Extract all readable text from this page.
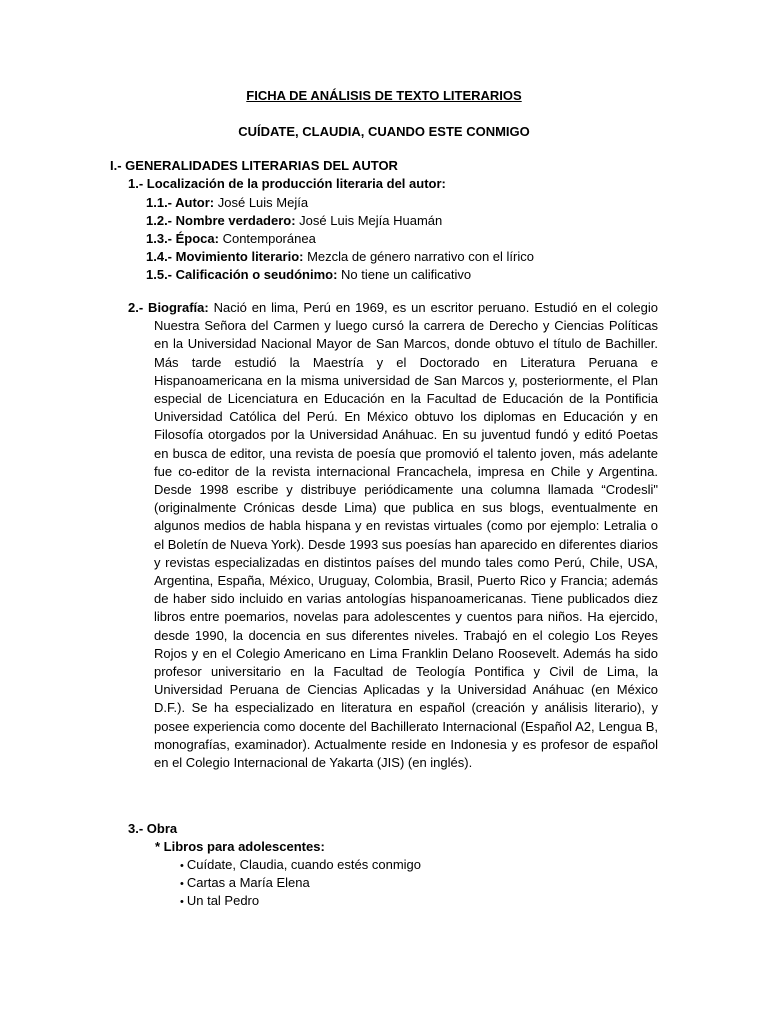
FICHA DE ANÁLISIS DE TEXTO LITERARIOS
CUÍDATE, CLAUDIA, CUANDO ESTE CONMIGO
I.- GENERALIDADES LITERARIAS DEL AUTOR
1.- Localización de la producción literaria del autor:
1.1.- Autor: José Luis Mejía
1.2.- Nombre verdadero: José Luis Mejía Huamán
1.3.- Época: Contemporánea
1.4.- Movimiento literario: Mezcla de género narrativo con el lírico
1.5.- Calificación o seudónimo: No tiene un calificativo
2.- Biografía: Nació en lima, Perú en 1969, es un escritor peruano. Estudió en el colegio Nuestra Señora del Carmen y luego cursó la carrera de Derecho y Ciencias Políticas en la Universidad Nacional Mayor de San Marcos, donde obtuvo el título de Bachiller. Más tarde estudió la Maestría y el Doctorado en Literatura Peruana e Hispanoamericana en la misma universidad de San Marcos y, posteriormente, el Plan especial de Licenciatura en Educación en la Facultad de Educación de la Pontificia Universidad Católica del Perú. En México obtuvo los diplomas en Educación y en Filosofía otorgados por la Universidad Anáhuac. En su juventud fundó y editó Poetas en busca de editor, una revista de poesía que promovió el talento joven, más adelante fue co-editor de la revista internacional Francachela, impresa en Chile y Argentina. Desde 1998 escribe y distribuye periódicamente una columna llamada “Crodesli" (originalmente Crónicas desde Lima) que publica en sus blogs, eventualmente en algunos medios de habla hispana y en revistas virtuales (como por ejemplo: Letralia o el Boletín de Nueva York). Desde 1993 sus poesías han aparecido en diferentes diarios y revistas especializadas en distintos países del mundo tales como Perú, Chile, USA, Argentina, España, México, Uruguay, Colombia, Brasil, Puerto Rico y Francia; además de haber sido incluido en varias antologías hispanoamericanas. Tiene publicados diez libros entre poemarios, novelas para adolescentes y cuentos para niños. Ha ejercido, desde 1990, la docencia en sus diferentes niveles. Trabajó en el colegio Los Reyes Rojos y en el Colegio Americano en Lima Franklin Delano Roosevelt. Además ha sido profesor universitario en la Facultad de Teología Pontifica y Civil de Lima, la Universidad Peruana de Ciencias Aplicadas y la Universidad Anáhuac (en México D.F.). Se ha especializado en literatura en español (creación y análisis literario), y posee experiencia como docente del Bachillerato Internacional (Español A2, Lengua B, monografías, examinador). Actualmente reside en Indonesia y es profesor de español en el Colegio Internacional de Yakarta (JIS) (en inglés).
3.- Obra
* Libros para adolescentes:
• Cuídate, Claudia, cuando estés conmigo
• Cartas a María Elena
• Un tal Pedro
